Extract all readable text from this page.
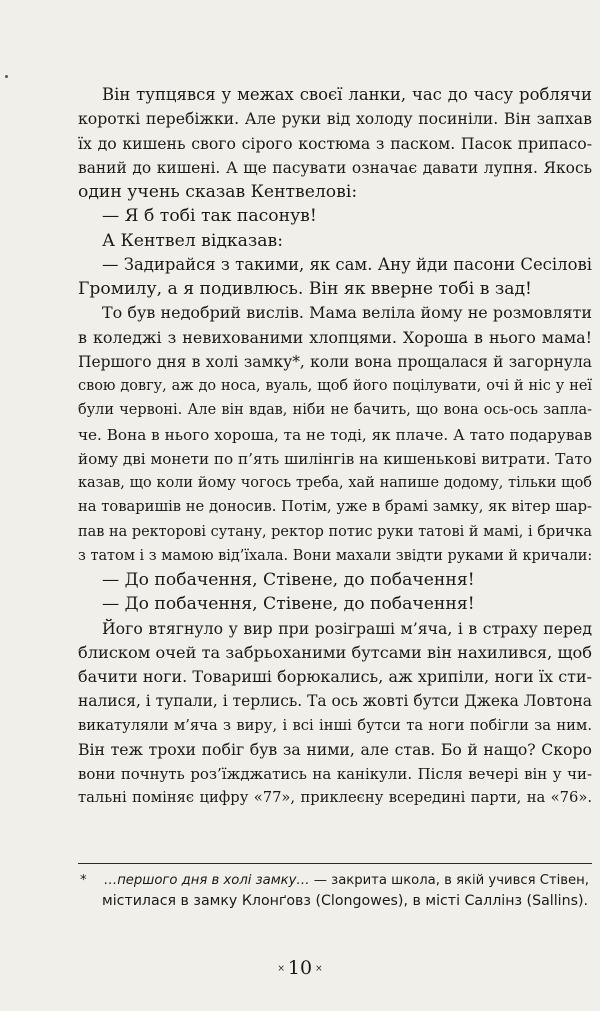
Він тупцявся у межах своєї ланки, час до часу роблячи
короткі перебіжки. Але руки від холоду посиніли. Він запхав
їх до кишень свого сірого костюма з паском. Пасок припасо-
ваний до кишені. А ще пасувати означає давати лупня. Якось
один учень сказав Кентвелові:
— Я б тобі так пасонув!
А Кентвел відказав:
— Задирайся з такими, як сам. Ану йди пасони Сесілові
Громилу, а я подивлюсь. Він як вверне тобі в зад!
То був недобрий вислів. Мама веліла йому не розмовляти
в коледжі з невихованими хлопцями. Хороша в нього мама!
Першого дня в холі замку*, коли вона прощалася й загорнула
свою довгу, аж до носа, вуаль, щоб його поцілувати, очі й ніс у неї
були червоні. Але він вдав, ніби не бачить, що вона ось-ось запла-
че. Вона в нього хороша, та не тоді, як плаче. А тато подарував
йому дві монети по п’ять шилінгів на кишенькові витрати. Тато
казав, що коли йому чогось треба, хай напише додому, тільки щоб
на товаришів не доносив. Потім, уже в брамі замку, як вітер шар-
пав на ректорові сутану, ректор потис руки татові й мамі, і бричка
з татом і з мамою від’їхала. Вони махали звідти руками й кричали:
— До побачення, Стівене, до побачення!
— До побачення, Стівене, до побачення!
Його втягнуло у вир при розіграші м’яча, і в страху перед
блиском очей та забрьоханими бутсами він нахилився, щоб
бачити ноги. Товариші борюкались, аж хрипіли, ноги їх сти-
налися, і тупали, і терлись. Та ось жовті бутси Джека Ловтона
викатуляли м’яча з виру, і всі інші бутси та ноги побігли за ним.
Він теж трохи побіг був за ними, але став. Бо й нащо? Скоро
вони почнуть роз’їжджатись на канікули. Після вечері він у чи-
тальні поміняє цифру «77», приклеєну всередині парти, на «76».
* …першого дня в холі замку… — закрита школа, в якій учився Стівен,
містилася в замку Клонґовз (Clongowes), в місті Саллінз (Sallins).
× 10 ×
